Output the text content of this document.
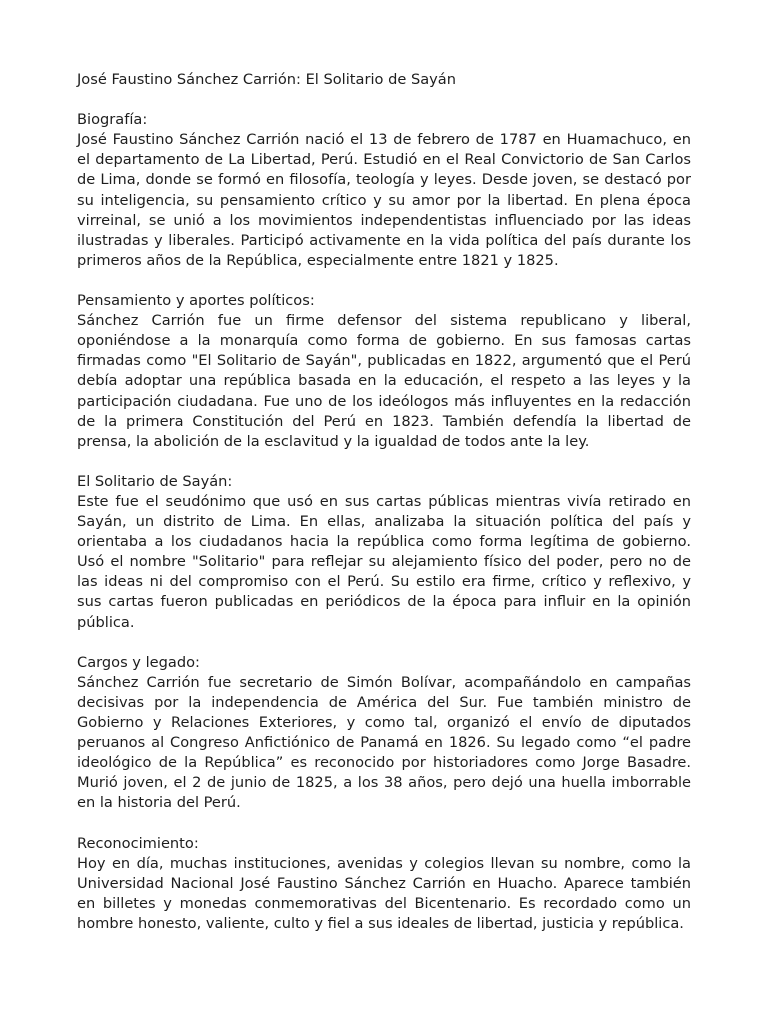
José Faustino Sánchez Carrión: El Solitario de Sayán

Biografía:

José Faustino Sánchez Carrión nació el 13 de febrero de 1787 en Huamachuco, en el departamento de La Libertad, Perú. Estudió en el Real Convictorio de San Carlos de Lima, donde se formó en filosofía, teología y leyes. Desde joven, se destacó por su inteligencia, su pensamiento crítico y su amor por la libertad. En plena época virreinal, se unió a los movimientos independentistas influenciado por las ideas ilustradas y liberales. Participó activamente en la vida política del país durante los primeros años de la República, especialmente entre 1821 y 1825.

Pensamiento y aportes políticos:

Sánchez Carrión fue un firme defensor del sistema republicano y liberal, oponiéndose a la monarquía como forma de gobierno. En sus famosas cartas firmadas como "El Solitario de Sayán", publicadas en 1822, argumentó que el Perú debía adoptar una república basada en la educación, el respeto a las leyes y la participación ciudadana. Fue uno de los ideólogos más influyentes en la redacción de la primera Constitución del Perú en 1823. También defendía la libertad de prensa, la abolición de la esclavitud y la igualdad de todos ante la ley.

El Solitario de Sayán:

Este fue el seudónimo que usó en sus cartas públicas mientras vivía retirado en Sayán, un distrito de Lima. En ellas, analizaba la situación política del país y orientaba a los ciudadanos hacia la república como forma legítima de gobierno. Usó el nombre "Solitario" para reflejar su alejamiento físico del poder, pero no de las ideas ni del compromiso con el Perú. Su estilo era firme, crítico y reflexivo, y sus cartas fueron publicadas en periódicos de la época para influir en la opinión pública.

Cargos y legado:

Sánchez Carrión fue secretario de Simón Bolívar, acompañándolo en campañas decisivas por la independencia de América del Sur. Fue también ministro de Gobierno y Relaciones Exteriores, y como tal, organizó el envío de diputados peruanos al Congreso Anfictiónico de Panamá en 1826. Su legado como “el padre ideológico de la República” es reconocido por historiadores como Jorge Basadre. Murió joven, el 2 de junio de 1825, a los 38 años, pero dejó una huella imborrable en la historia del Perú.

Reconocimiento:

Hoy en día, muchas instituciones, avenidas y colegios llevan su nombre, como la Universidad Nacional José Faustino Sánchez Carrión en Huacho. Aparece también en billetes y monedas conmemorativas del Bicentenario. Es recordado como un hombre honesto, valiente, culto y fiel a sus ideales de libertad, justicia y república.
